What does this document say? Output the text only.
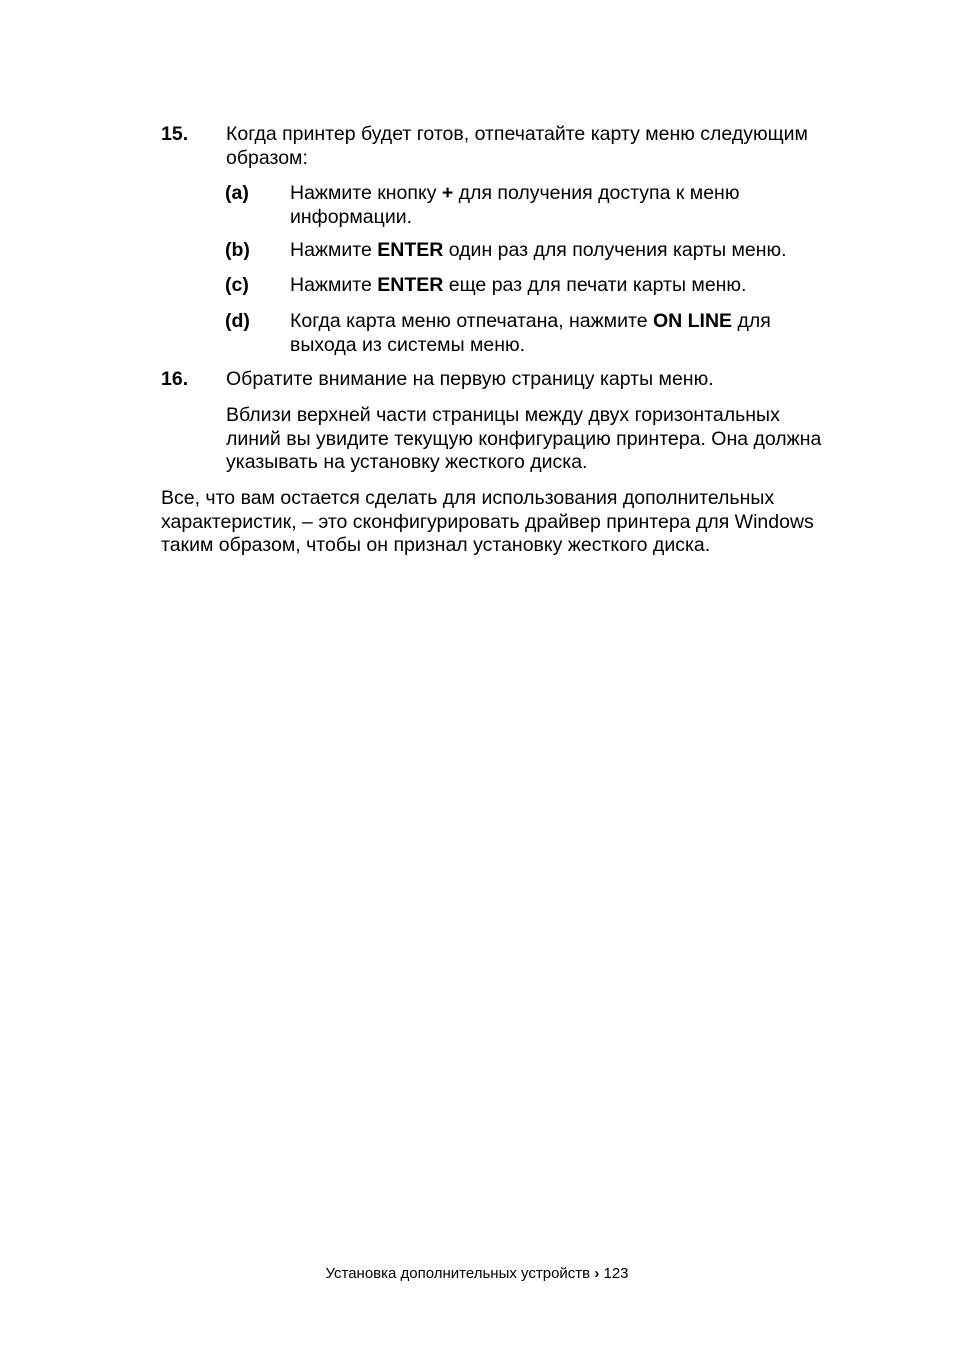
15. Когда принтер будет готов, отпечатайте карту меню следующим образом:
(a) Нажмите кнопку + для получения доступа к меню информации.
(b) Нажмите ENTER один раз для получения карты меню.
(c) Нажмите ENTER еще раз для печати карты меню.
(d) Когда карта меню отпечатана, нажмите ON LINE для выхода из системы меню.
16. Обратите внимание на первую страницу карты меню.
Вблизи верхней части страницы между двух горизонтальных линий вы увидите текущую конфигурацию принтера. Она должна указывать на установку жесткого диска.
Все, что вам остается сделать для использования дополнительных характеристик, – это сконфигурировать драйвер принтера для Windows таким образом, чтобы он признал установку жесткого диска.
Установка дополнительных устройств › 123
